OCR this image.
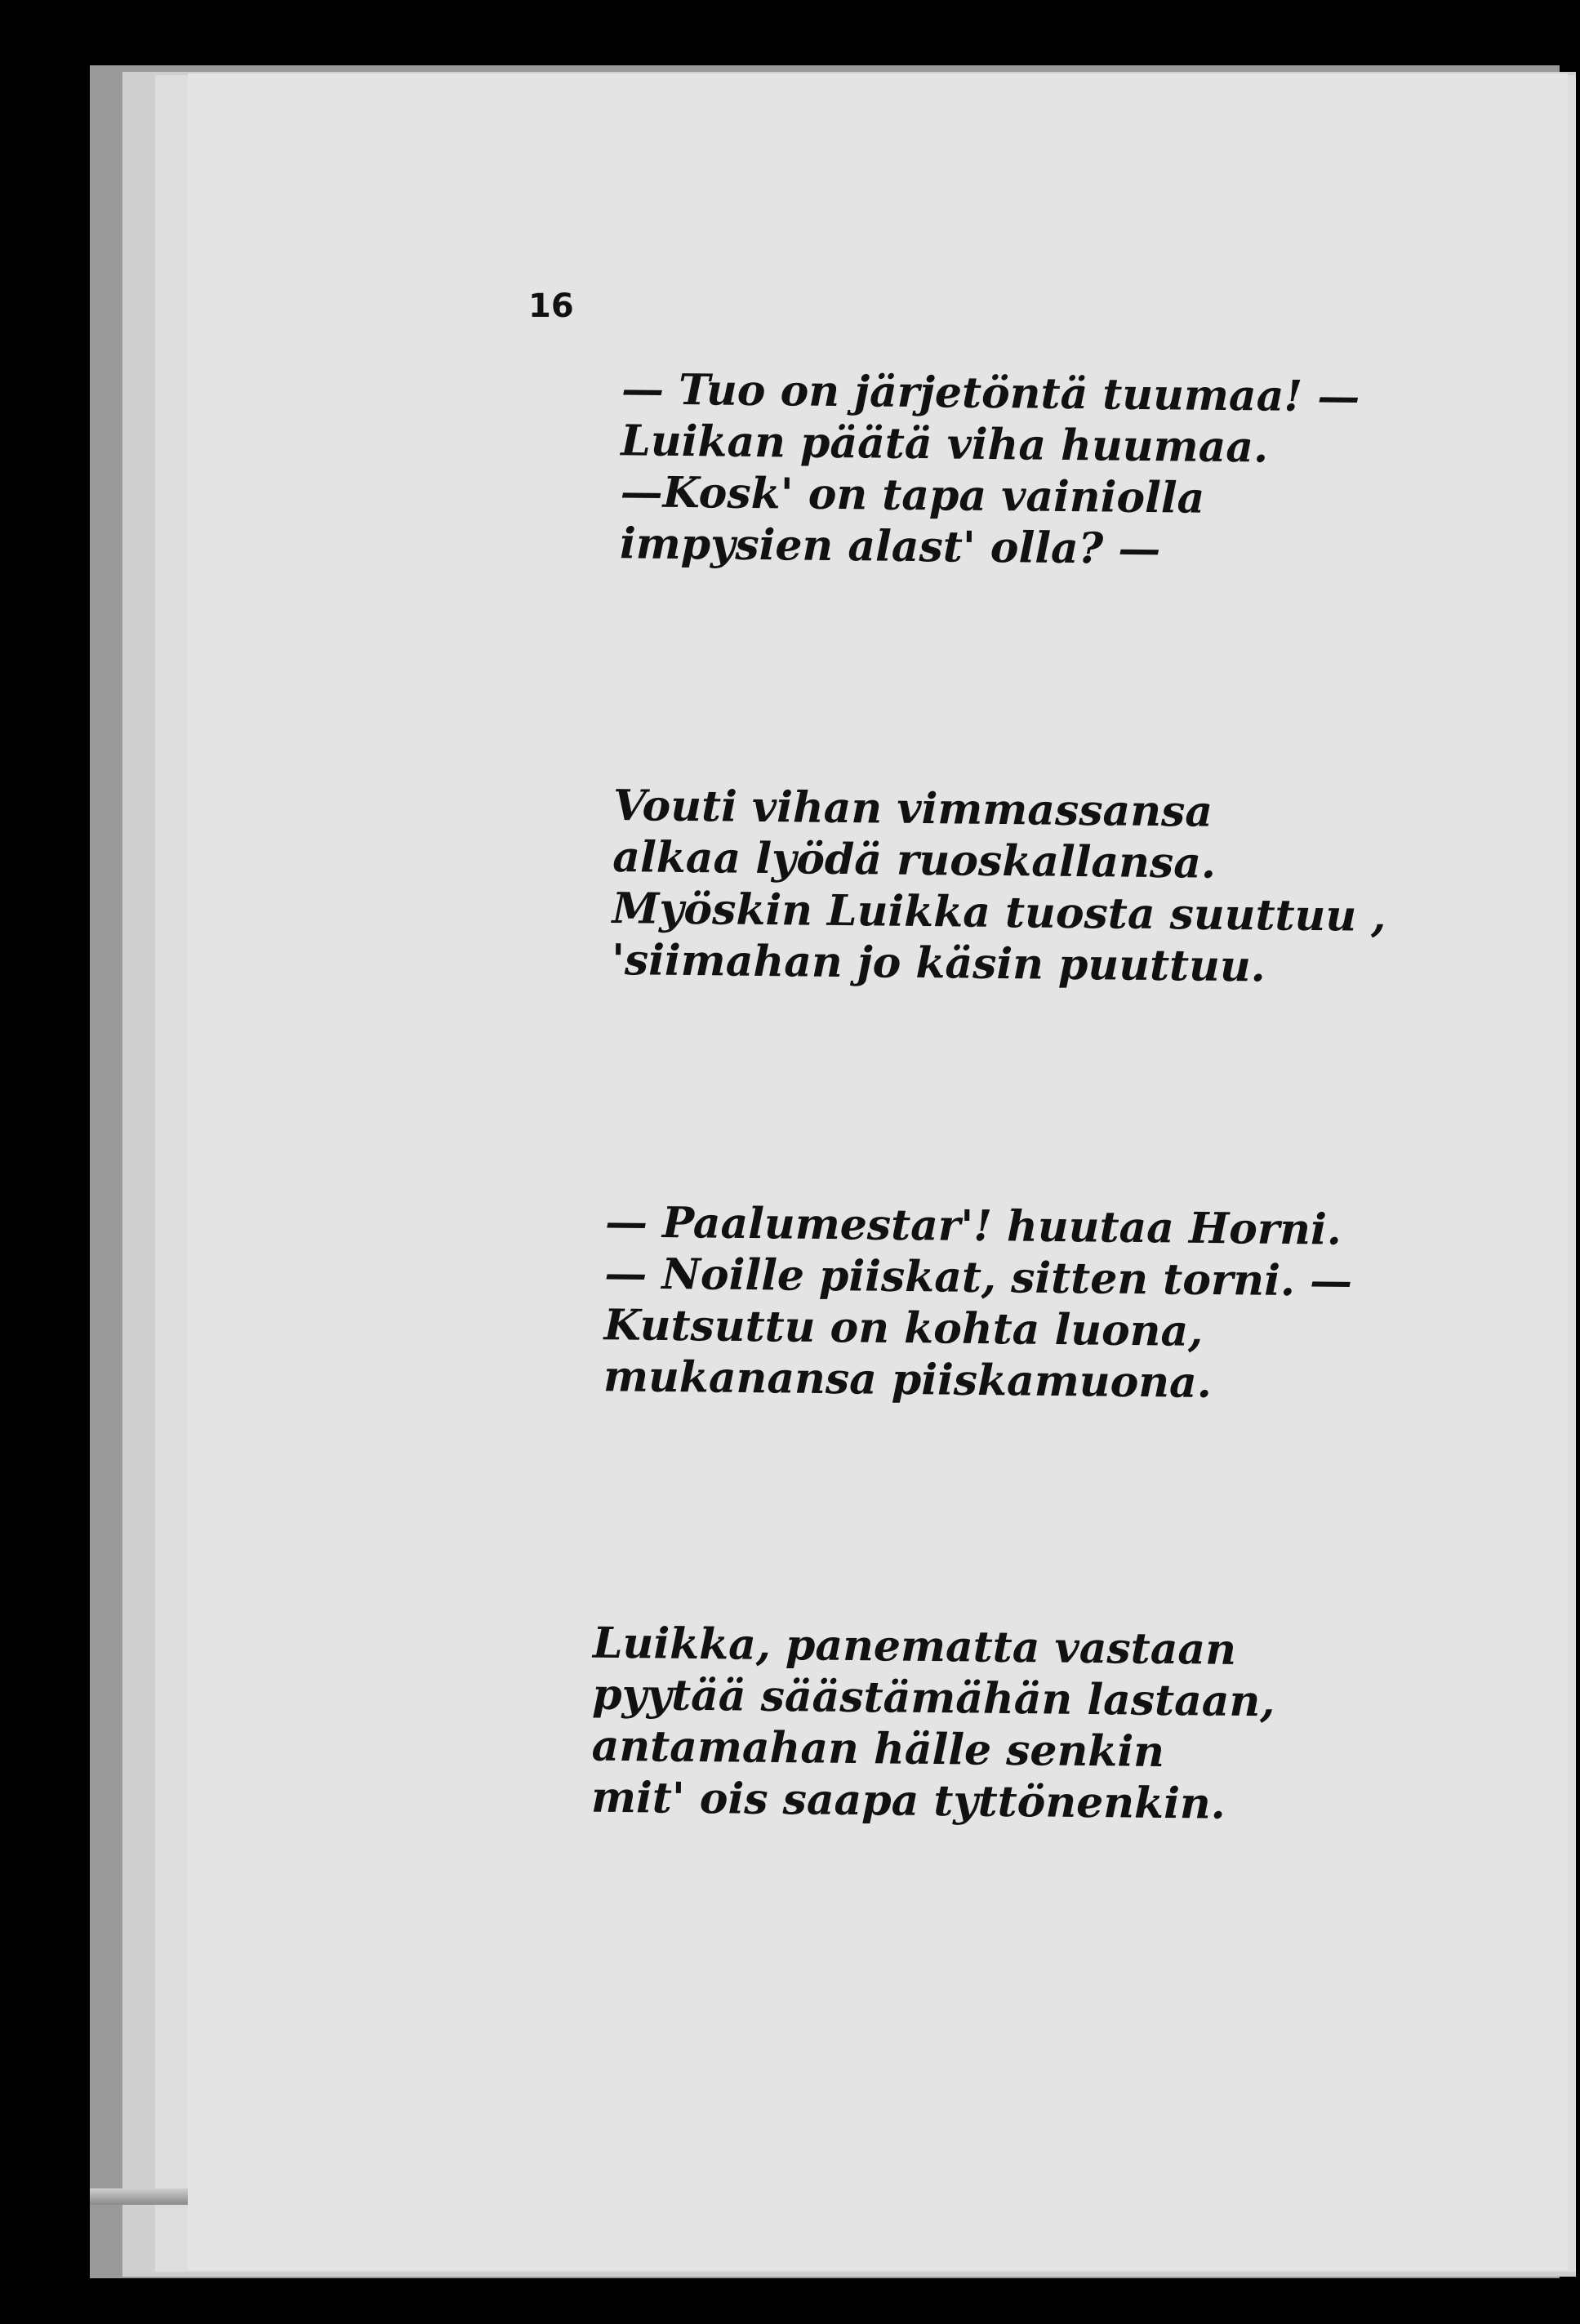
16
— Tuo on järjetöntä tuumaa! —
Luikan päätä viha huumaa.
—Kosk' on tapa vainiolla
impysien alast' olla? —
Vouti vihan vimmassansa
alkaa lyödä ruoskallansa.
Myöskin Luikka tuosta suuttuu ,
'siimahan jo käsin puuttuu.
— Paalumestar'! huutaa Horni.
— Noille piiskat, sitten torni. —
Kutsuttu on kohta luona,
mukanansa piiskamuona.
Luikka, panematta vastaan
pyytää säästämähän lastaan,
antamahan hälle senkin
mit' ois saapa tyttönenkin.
